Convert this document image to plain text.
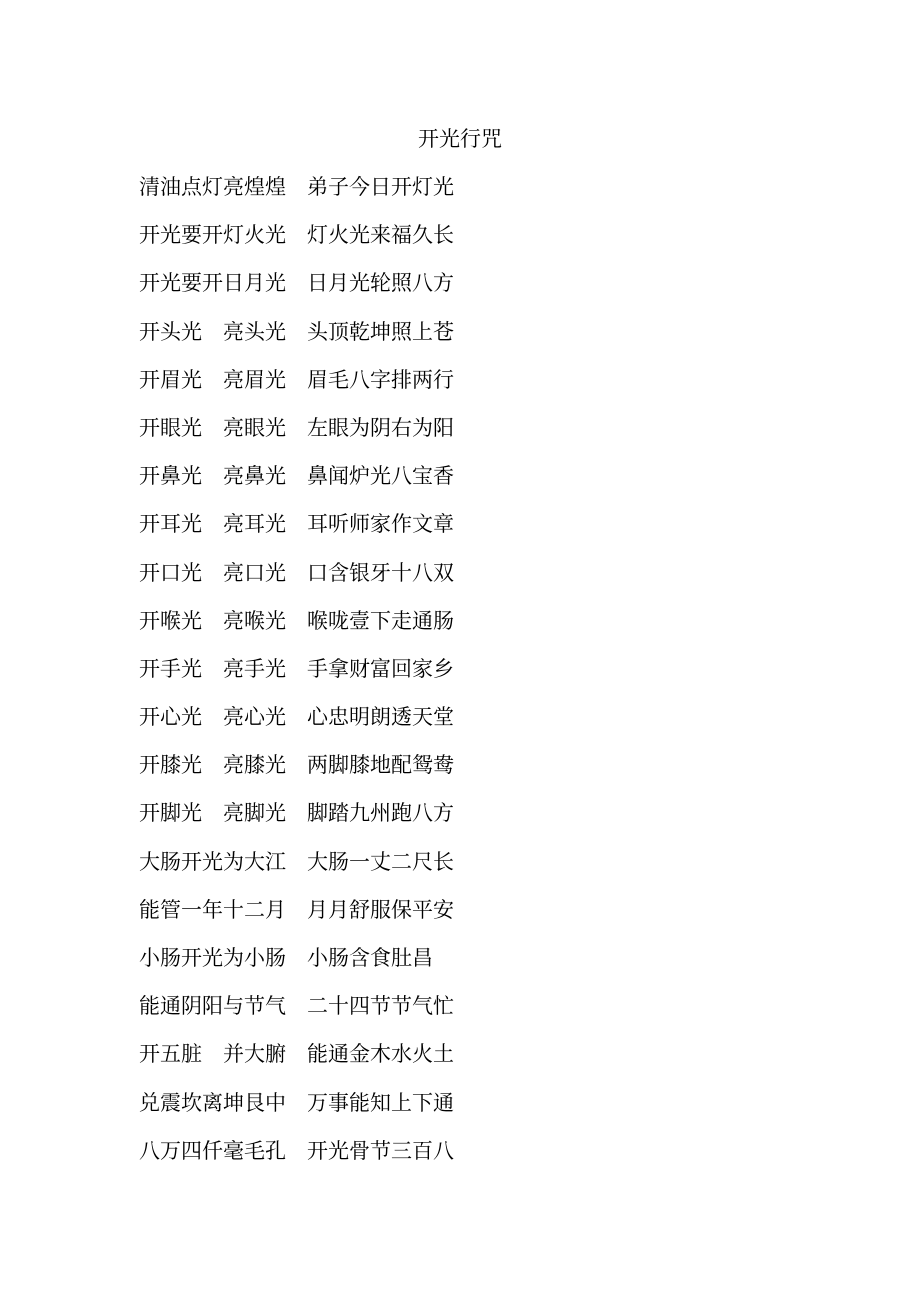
开光行咒
清油点灯亮煌煌　弟子今日开灯光
开光要开灯火光　灯火光来福久长
开光要开日月光　日月光轮照八方
开头光　亮头光　头顶乾坤照上苍
开眉光　亮眉光　眉毛八字排两行
开眼光　亮眼光　左眼为阴右为阳
开鼻光　亮鼻光　鼻闻炉光八宝香
开耳光　亮耳光　耳听师家作文章
开口光　亮口光　口含银牙十八双
开喉光　亮喉光　喉咙壹下走通肠
开手光　亮手光　手拿财富回家乡
开心光　亮心光　心忠明朗透天堂
开膝光　亮膝光　两脚膝地配鸳鸯
开脚光　亮脚光　脚踏九州跑八方
大肠开光为大江　大肠一丈二尺长
能管一年十二月　月月舒服保平安
小肠开光为小肠　小肠含食肚昌
能通阴阳与节气　二十四节节气忙
开五脏　并大腑　能通金木水火土
兑震坎离坤艮中　万事能知上下通
八万四仟毫毛孔　开光骨节三百八
